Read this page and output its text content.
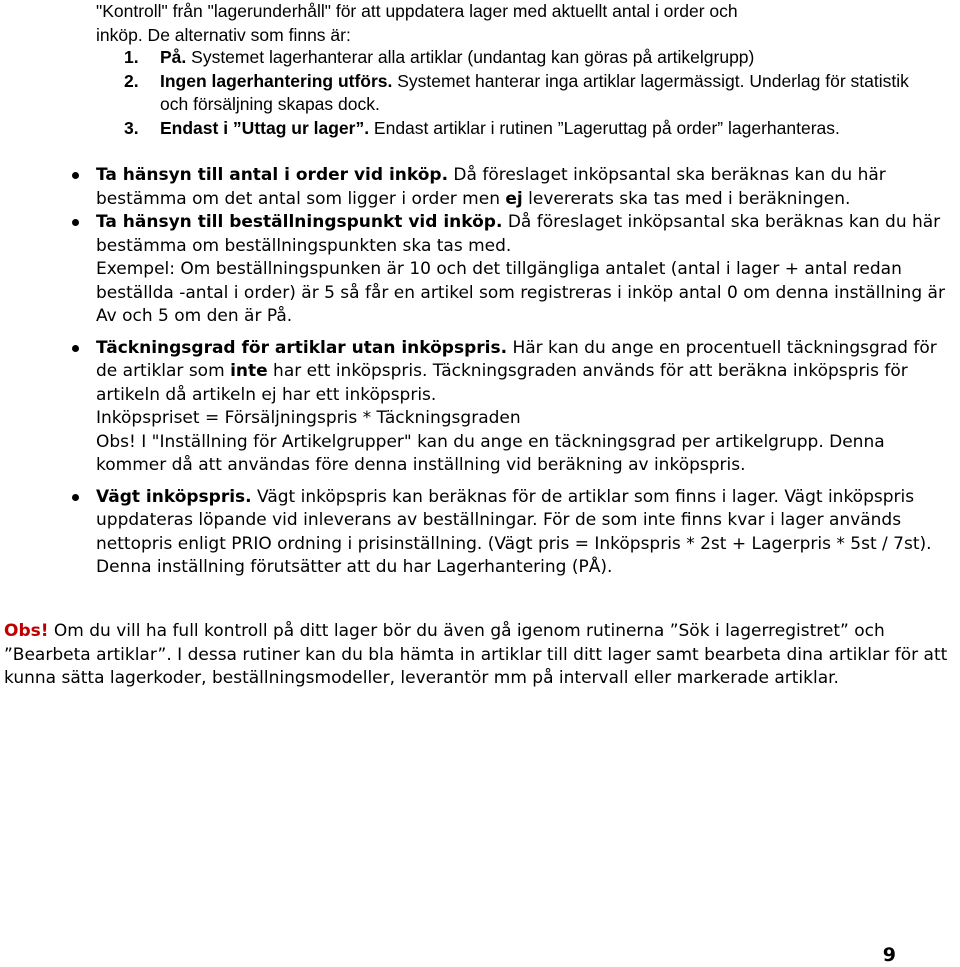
"Kontroll" från "lagerunderhåll" för att uppdatera lager med aktuellt antal i order och
inköp. De alternativ som finns är:
1. På. Systemet lagerhanterar alla artiklar (undantag kan göras på artikelgrupp)
2. Ingen lagerhantering utförs. Systemet hanterar inga artiklar lagermässigt. Underlag för statistik och försäljning skapas dock.
3. Endast i ”Uttag ur lager”. Endast artiklar i rutinen ”Lageruttag på order” lagerhanteras.
Ta hänsyn till antal i order vid inköp. Då föreslaget inköpsantal ska beräknas kan du här bestämma om det antal som ligger i order men ej levererats ska tas med i beräkningen.
Ta hänsyn till beställningspunkt vid inköp. Då föreslaget inköpsantal ska beräknas kan du här bestämma om beställningspunkten ska tas med.
Exempel: Om beställningspunken är 10 och det tillgängliga antalet (antal i lager + antal redan beställda -antal i order) är 5 så får en artikel som registreras i inköp antal 0 om denna inställning är Av och 5 om den är På.
Täckningsgrad för artiklar utan inköpspris. Här kan du ange en procentuell täckningsgrad för de artiklar som inte har ett inköpspris. Täckningsgraden används för att beräkna inköpspris för artikeln då artikeln ej har ett inköpspris.
Inköpspriset = Försäljningspris * Täckningsgraden
Obs! I "Inställning för Artikelgrupper" kan du ange en täckningsgrad per artikelgrupp. Denna kommer då att användas före denna inställning vid beräkning av inköpspris.
Vägt inköpspris. Vägt inköpspris kan beräknas för de artiklar som finns i lager. Vägt inköpspris uppdateras löpande vid inleverans av beställningar. För de som inte finns kvar i lager används nettopris enligt PRIO ordning i prisinställning. (Vägt pris = Inköpspris * 2st + Lagerpris * 5st / 7st). Denna inställning förutsätter att du har Lagerhantering (PÅ).
Obs! Om du vill ha full kontroll på ditt lager bör du även gå igenom rutinerna ”Sök i lagerregistret” och ”Bearbeta artiklar”. I dessa rutiner kan du bla hämta in artiklar till ditt lager samt bearbeta dina artiklar för att kunna sätta lagerkoder, beställningsmodeller, leverantör mm på intervall eller markerade artiklar.
9
